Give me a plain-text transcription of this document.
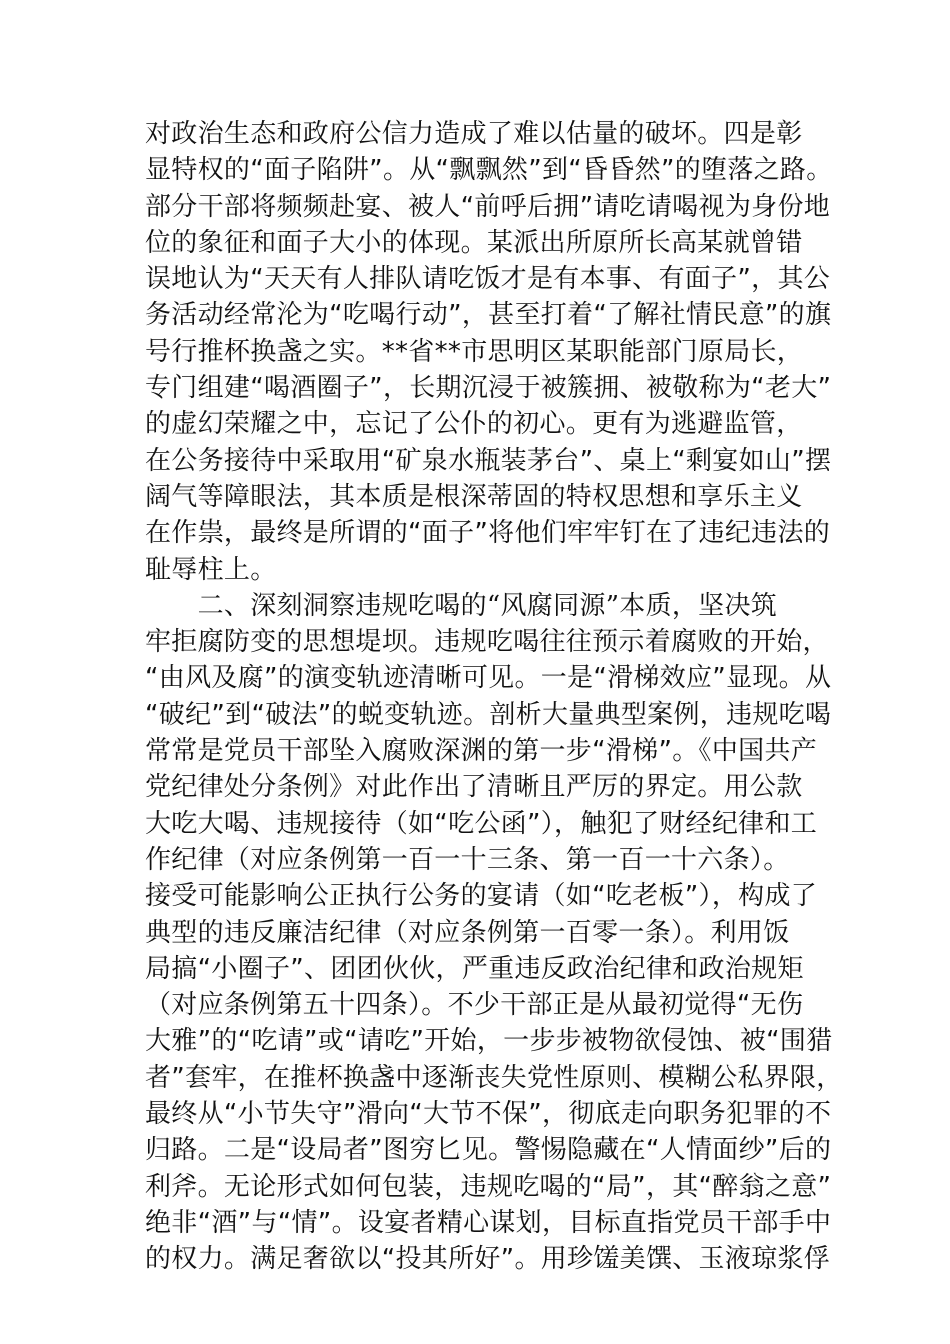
对政治生态和政府公信力造成了难以估量的破坏。四是彰
显特权的“面子陷阱”。从“飘飘然”到“昏昏然”的堕落之路。
部分干部将频频赴宴、被人“前呼后拥”请吃请喝视为身份地
位的象征和面子大小的体现。某派出所原所长高某就曾错
误地认为“天天有人排队请吃饭才是有本事、有面子”，其公
务活动经常沦为“吃喝行动”，甚至打着“了解社情民意”的旗
号行推杯换盏之实。**省**市思明区某职能部门原局长，
专门组建“喝酒圈子”，长期沉浸于被簇拥、被敬称为“老大”
的虚幻荣耀之中，忘记了公仆的初心。更有为逃避监管，
在公务接待中采取用“矿泉水瓶装茅台”、桌上“剩宴如山”摆
阔气等障眼法，其本质是根深蒂固的特权思想和享乐主义
在作祟，最终是所谓的“面子”将他们牢牢钉在了违纪违法的
耻辱柱上。
　　二、深刻洞察违规吃喝的“风腐同源”本质，坚决筑
牢拒腐防变的思想堤坝。违规吃喝往往预示着腐败的开始，
“由风及腐”的演变轨迹清晰可见。一是“滑梯效应”显现。从
“破纪”到“破法”的蜕变轨迹。剖析大量典型案例，违规吃喝
常常是党员干部坠入腐败深渊的第一步“滑梯”。《中国共产
党纪律处分条例》对此作出了清晰且严厉的界定。用公款
大吃大喝、违规接待（如“吃公函”），触犯了财经纪律和工
作纪律（对应条例第一百一十三条、第一百一十六条）。
接受可能影响公正执行公务的宴请（如“吃老板”），构成了
典型的违反廉洁纪律（对应条例第一百零一条）。利用饭
局搞“小圈子”、团团伙伙，严重违反政治纪律和政治规矩
（对应条例第五十四条）。不少干部正是从最初觉得“无伤
大雅”的“吃请”或“请吃”开始，一步步被物欲侵蚀、被“围猎
者”套牢，在推杯换盏中逐渐丧失党性原则、模糊公私界限，
最终从“小节失守”滑向“大节不保”，彻底走向职务犯罪的不
归路。二是“设局者”图穷匕见。警惕隐藏在“人情面纱”后的
利斧。无论形式如何包装，违规吃喝的“局”，其“醉翁之意”
绝非“酒”与“情”。设宴者精心谋划，目标直指党员干部手中
的权力。满足奢欲以“投其所好”。用珍馐美馔、玉液琼浆俘
